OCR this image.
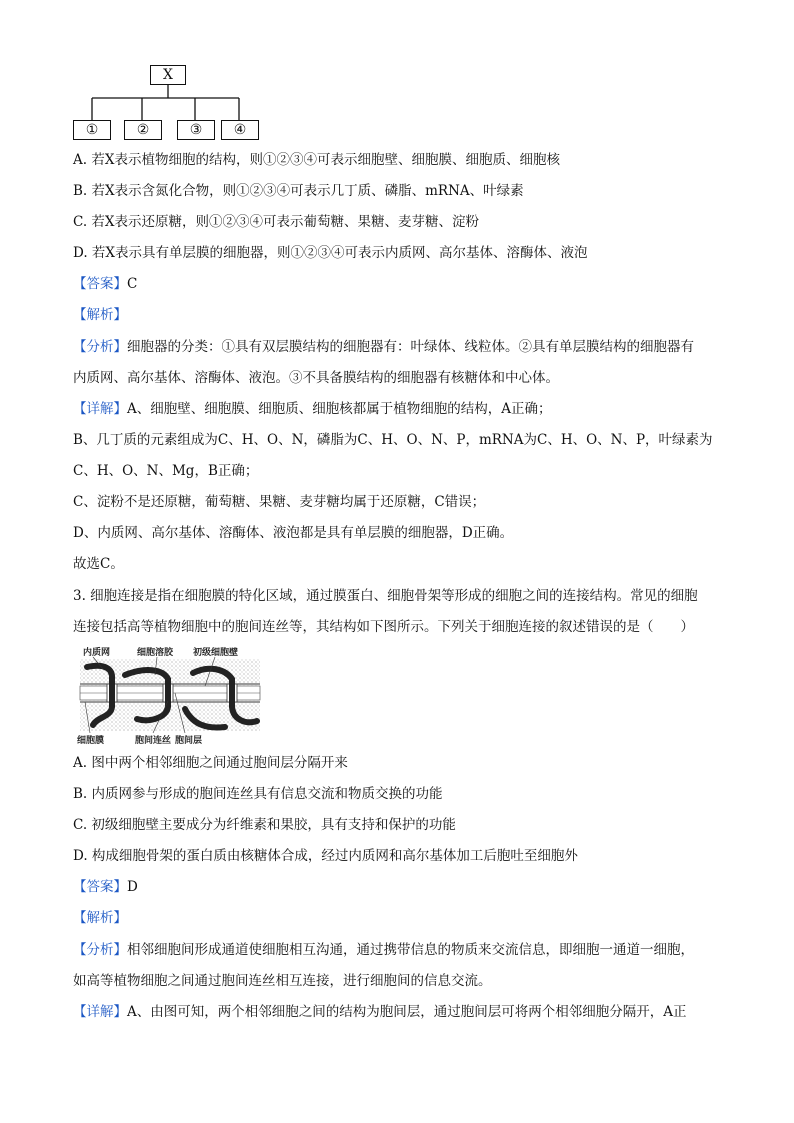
X
①	②	③	④
A. 若X表示植物细胞的结构，则①②③④可表示细胞壁、细胞膜、细胞质、细胞核
B. 若X表示含氮化合物，则①②③④可表示几丁质、磷脂、mRNA、叶绿素
C. 若X表示还原糖，则①②③④可表示葡萄糖、果糖、麦芽糖、淀粉
D. 若X表示具有单层膜的细胞器，则①②③④可表示内质网、高尔基体、溶酶体、液泡
【答案】C
【解析】
【分析】细胞器的分类：①具有双层膜结构的细胞器有：叶绿体、线粒体。②具有单层膜结构的细胞器有
内质网、高尔基体、溶酶体、液泡。③不具备膜结构的细胞器有核糖体和中心体。
【详解】A、细胞壁、细胞膜、细胞质、细胞核都属于植物细胞的结构，A正确；
B、几丁质的元素组成为C、H、O、N，磷脂为C、H、O、N、P，mRNA为C、H、O、N、P，叶绿素为
C、H、O、N、Mg，B正确；
C、淀粉不是还原糖，葡萄糖、果糖、麦芽糖均属于还原糖，C错误；
D、内质网、高尔基体、溶酶体、液泡都是具有单层膜的细胞器，D正确。
故选C。
3. 细胞连接是指在细胞膜的特化区域，通过膜蛋白、细胞骨架等形成的细胞之间的连接结构。常见的细胞
连接包括高等植物细胞中的胞间连丝等，其结构如下图所示。下列关于细胞连接的叙述错误的是（　　）
内质网	细胞溶胶 初级细胞壁
细胞膜	胞间连丝 胞间层
A. 图中两个相邻细胞之间通过胞间层分隔开来
B. 内质网参与形成的胞间连丝具有信息交流和物质交换的功能
C. 初级细胞壁主要成分为纤维素和果胶，具有支持和保护的功能
D. 构成细胞骨架的蛋白质由核糖体合成，经过内质网和高尔基体加工后胞吐至细胞外
【答案】D
【解析】
【分析】相邻细胞间形成通道使细胞相互沟通，通过携带信息的物质来交流信息，即细胞一通道一细胞，
如高等植物细胞之间通过胞间连丝相互连接，进行细胞间的信息交流。
【详解】A、由图可知，两个相邻细胞之间的结构为胞间层，通过胞间层可将两个相邻细胞分隔开，A正
